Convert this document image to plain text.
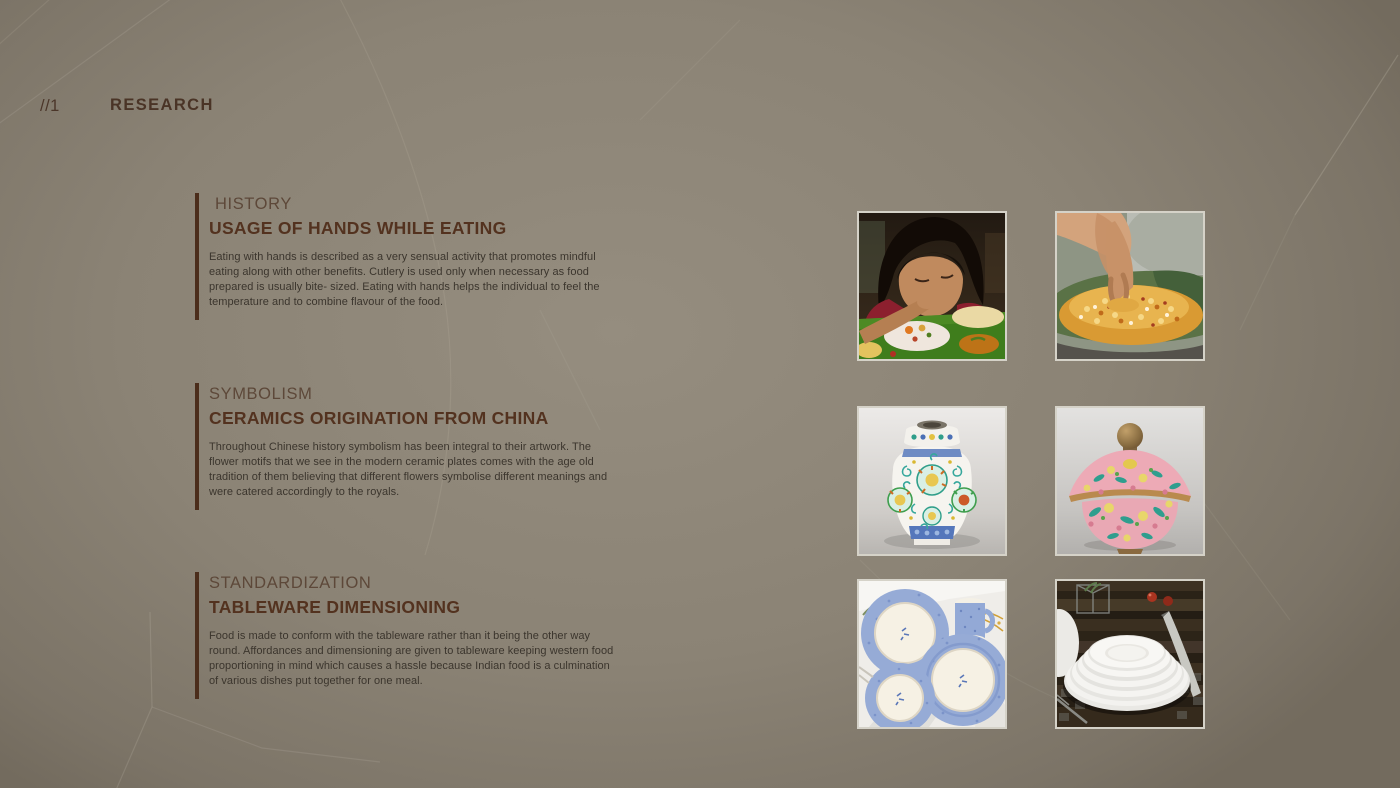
//1	RESEARCH
HISTORY
USAGE OF HANDS WHILE EATING

Eating with hands is described as a very sensual activity that promotes mindful eating along with other benefits. Cutlery is used only when necessary as food prepared is usually bite- sized. Eating with hands helps the individual to feel the temperature and to combine flavour of the food.

SYMBOLISM
CERAMICS ORIGINATION FROM CHINA

Throughout Chinese history symbolism has been integral to their artwork. The flower motifs that we see in the modern ceramic plates comes with the age old tradition of them believing that different flowers symbolise different meanings and were catered accordingly to the royals.

STANDARDIZATION
TABLEWARE DIMENSIONING

Food is made to conform with the tableware rather than it being the other way round. Affordances and dimensioning are given to tableware keeping western food proportioning in mind which causes a hassle because Indian food is a culmination of various dishes put together for one meal.
